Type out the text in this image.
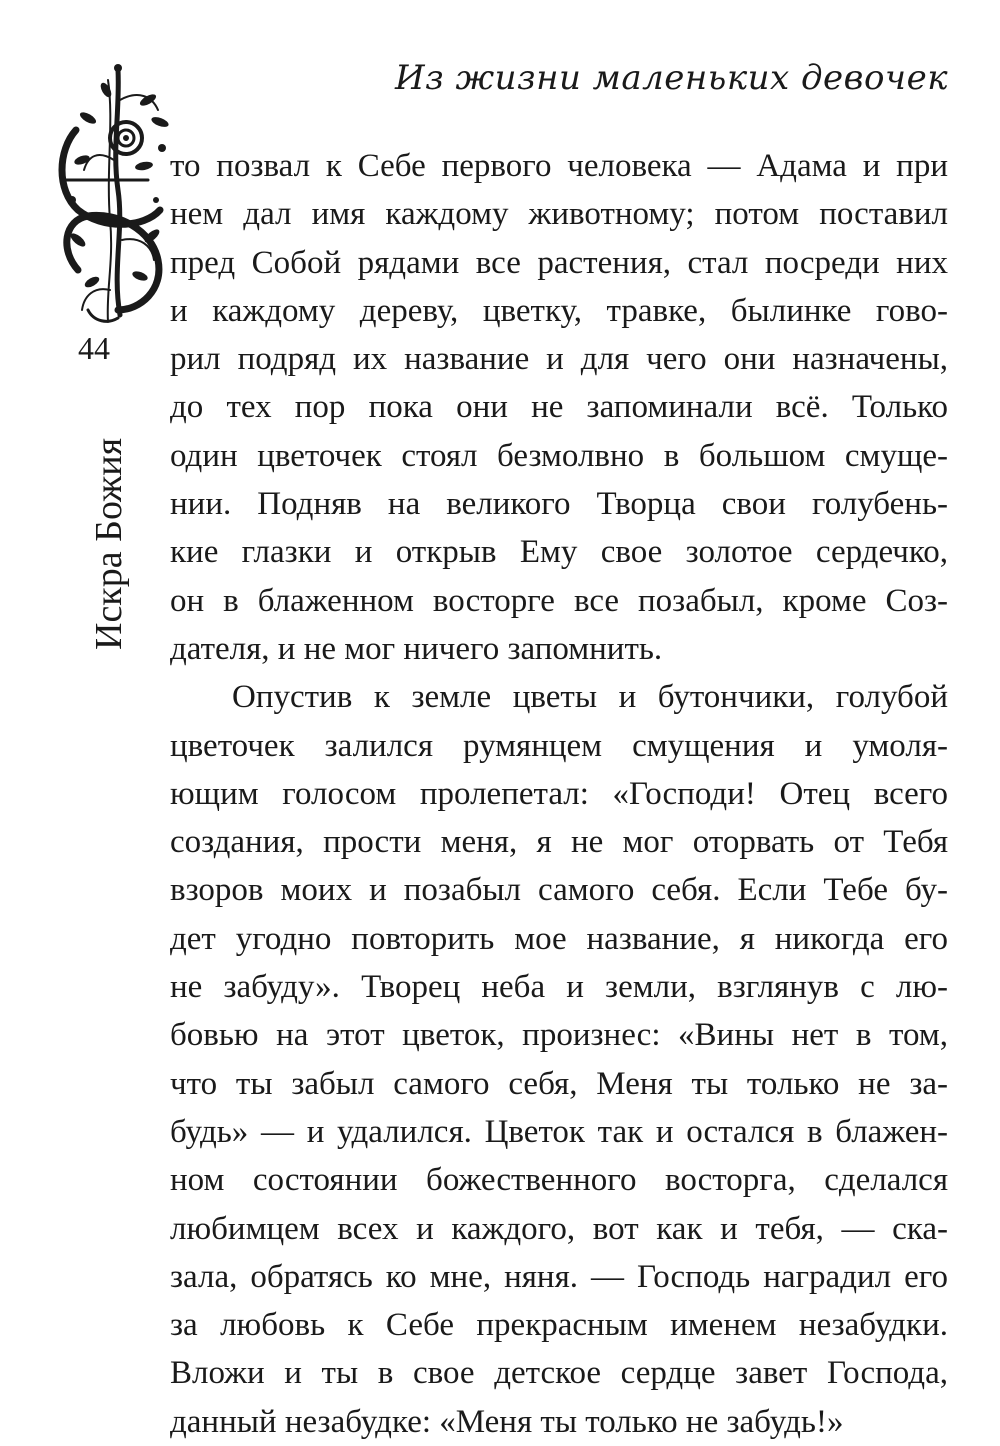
Из жизни маленьких девочек
44
Искра Божия
то позвал к Себе первого человека — Адама и при
нем дал имя каждому животному; потом поставил
пред Собой рядами все растения, стал посреди них
и каждому дереву, цветку, травке, былинке гово-
рил подряд их название и для чего они назначены,
до тех пор пока они не запоминали всё. Только
один цветочек стоял безмолвно в большом смуще-
нии. Подняв на великого Творца свои голубень-
кие глазки и открыв Ему свое золотое сердечко,
он в блаженном восторге все позабыл, кроме Соз-
дателя, и не мог ничего запомнить.
Опустив к земле цветы и бутончики, голубой
цветочек залился румянцем смущения и умоля-
ющим голосом пролепетал: «Господи! Отец всего
создания, прости меня, я не мог оторвать от Тебя
взоров моих и позабыл самого себя. Если Тебе бу-
дет угодно повторить мое название, я никогда его
не забуду». Творец неба и земли, взглянув с лю-
бовью на этот цветок, произнес: «Вины нет в том,
что ты забыл самого себя, Меня ты только не за-
будь» — и удалился. Цветок так и остался в блажен-
ном состоянии божественного восторга, сделался
любимцем всех и каждого, вот как и тебя, — ска-
зала, обратясь ко мне, няня. — Господь наградил его
за любовь к Себе прекрасным именем незабудки.
Вложи и ты в свое детское сердце завет Господа,
данный незабудке: «Меня ты только не забудь!»
